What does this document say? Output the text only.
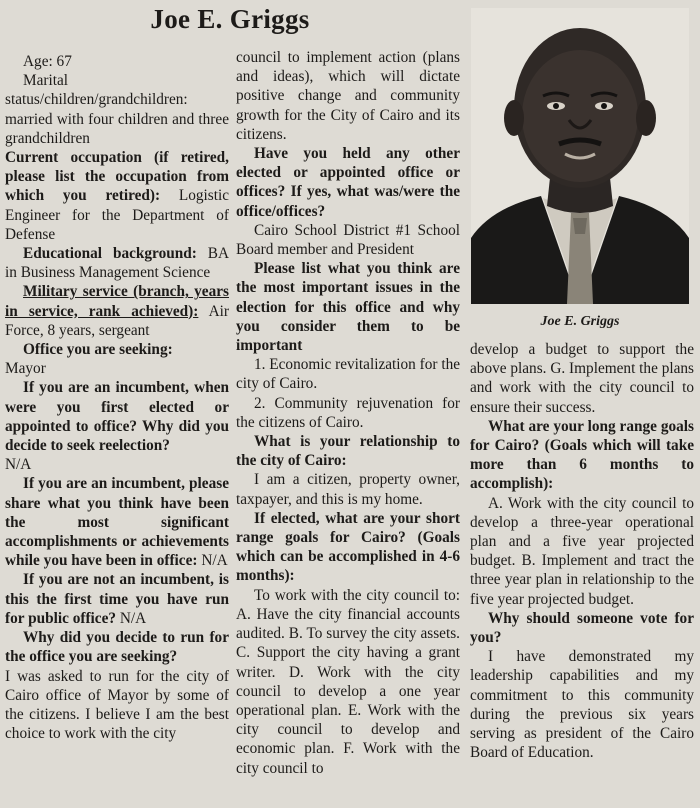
Joe E. Griggs

Age: 67

Marital status/children/grandchildren: married with four children and three grandchildren

Current occupation (if retired, please list the occupation from which you retired): Logistic Engineer for the Department of Defense

Educational background: BA in Business Management Science

Military service (branch, years in service, rank achieved): Air Force, 8 years, sergeant

Office you are seeking:

Mayor

If you are an incumbent, when were you first elected or appointed to office? Why did you decide to seek reelection?

N/A

If you are an incumbent, please share what you think have been the most significant accomplishments or achievements while you have been in office: N/A

If you are not an incumbent, is this the first time you have run for public office? N/A

Why did you decide to run for the office you are seeking?

I was asked to run for the city of Cairo office of Mayor by some of the citizens. I believe I am the best choice to work with the city

council to implement action (plans and ideas), which will dictate positive change and community growth for the City of Cairo and its citizens.

Have you held any other elected or appointed office or offices? If yes, what was/were the office/offices?

Cairo School District #1 School Board member and President

Please list what you think are the most important issues in the election for this office and why you consider them to be important

1. Economic revitalization for the city of Cairo.

2. Community rejuvenation for the citizens of Cairo.

What is your relationship to the city of Cairo:

I am a citizen, property owner, taxpayer, and this is my home.

If elected, what are your short range goals for Cairo? (Goals which can be accomplished in 4-6 months):

To work with the city council to: A. Have the city financial accounts audited. B. To survey the city assets. C. Support the city having a grant writer. D. Work with the city council to develop a one year operational plan. E. Work with the city council to develop and economic plan. F. Work with the city council to

Joe E. Griggs

develop a budget to support the above plans. G. Implement the plans and work with the city council to ensure their success.

What are your long range goals for Cairo? (Goals which will take more than 6 months to accomplish):

A. Work with the city council to develop a three-year operational plan and a five year projected budget. B. Implement and tract the three year plan in relationship to the five year projected budget.

Why should someone vote for you?

I have demonstrated my leadership capabilities and my commitment to this community during the previous six years serving as president of the Cairo Board of Education.
